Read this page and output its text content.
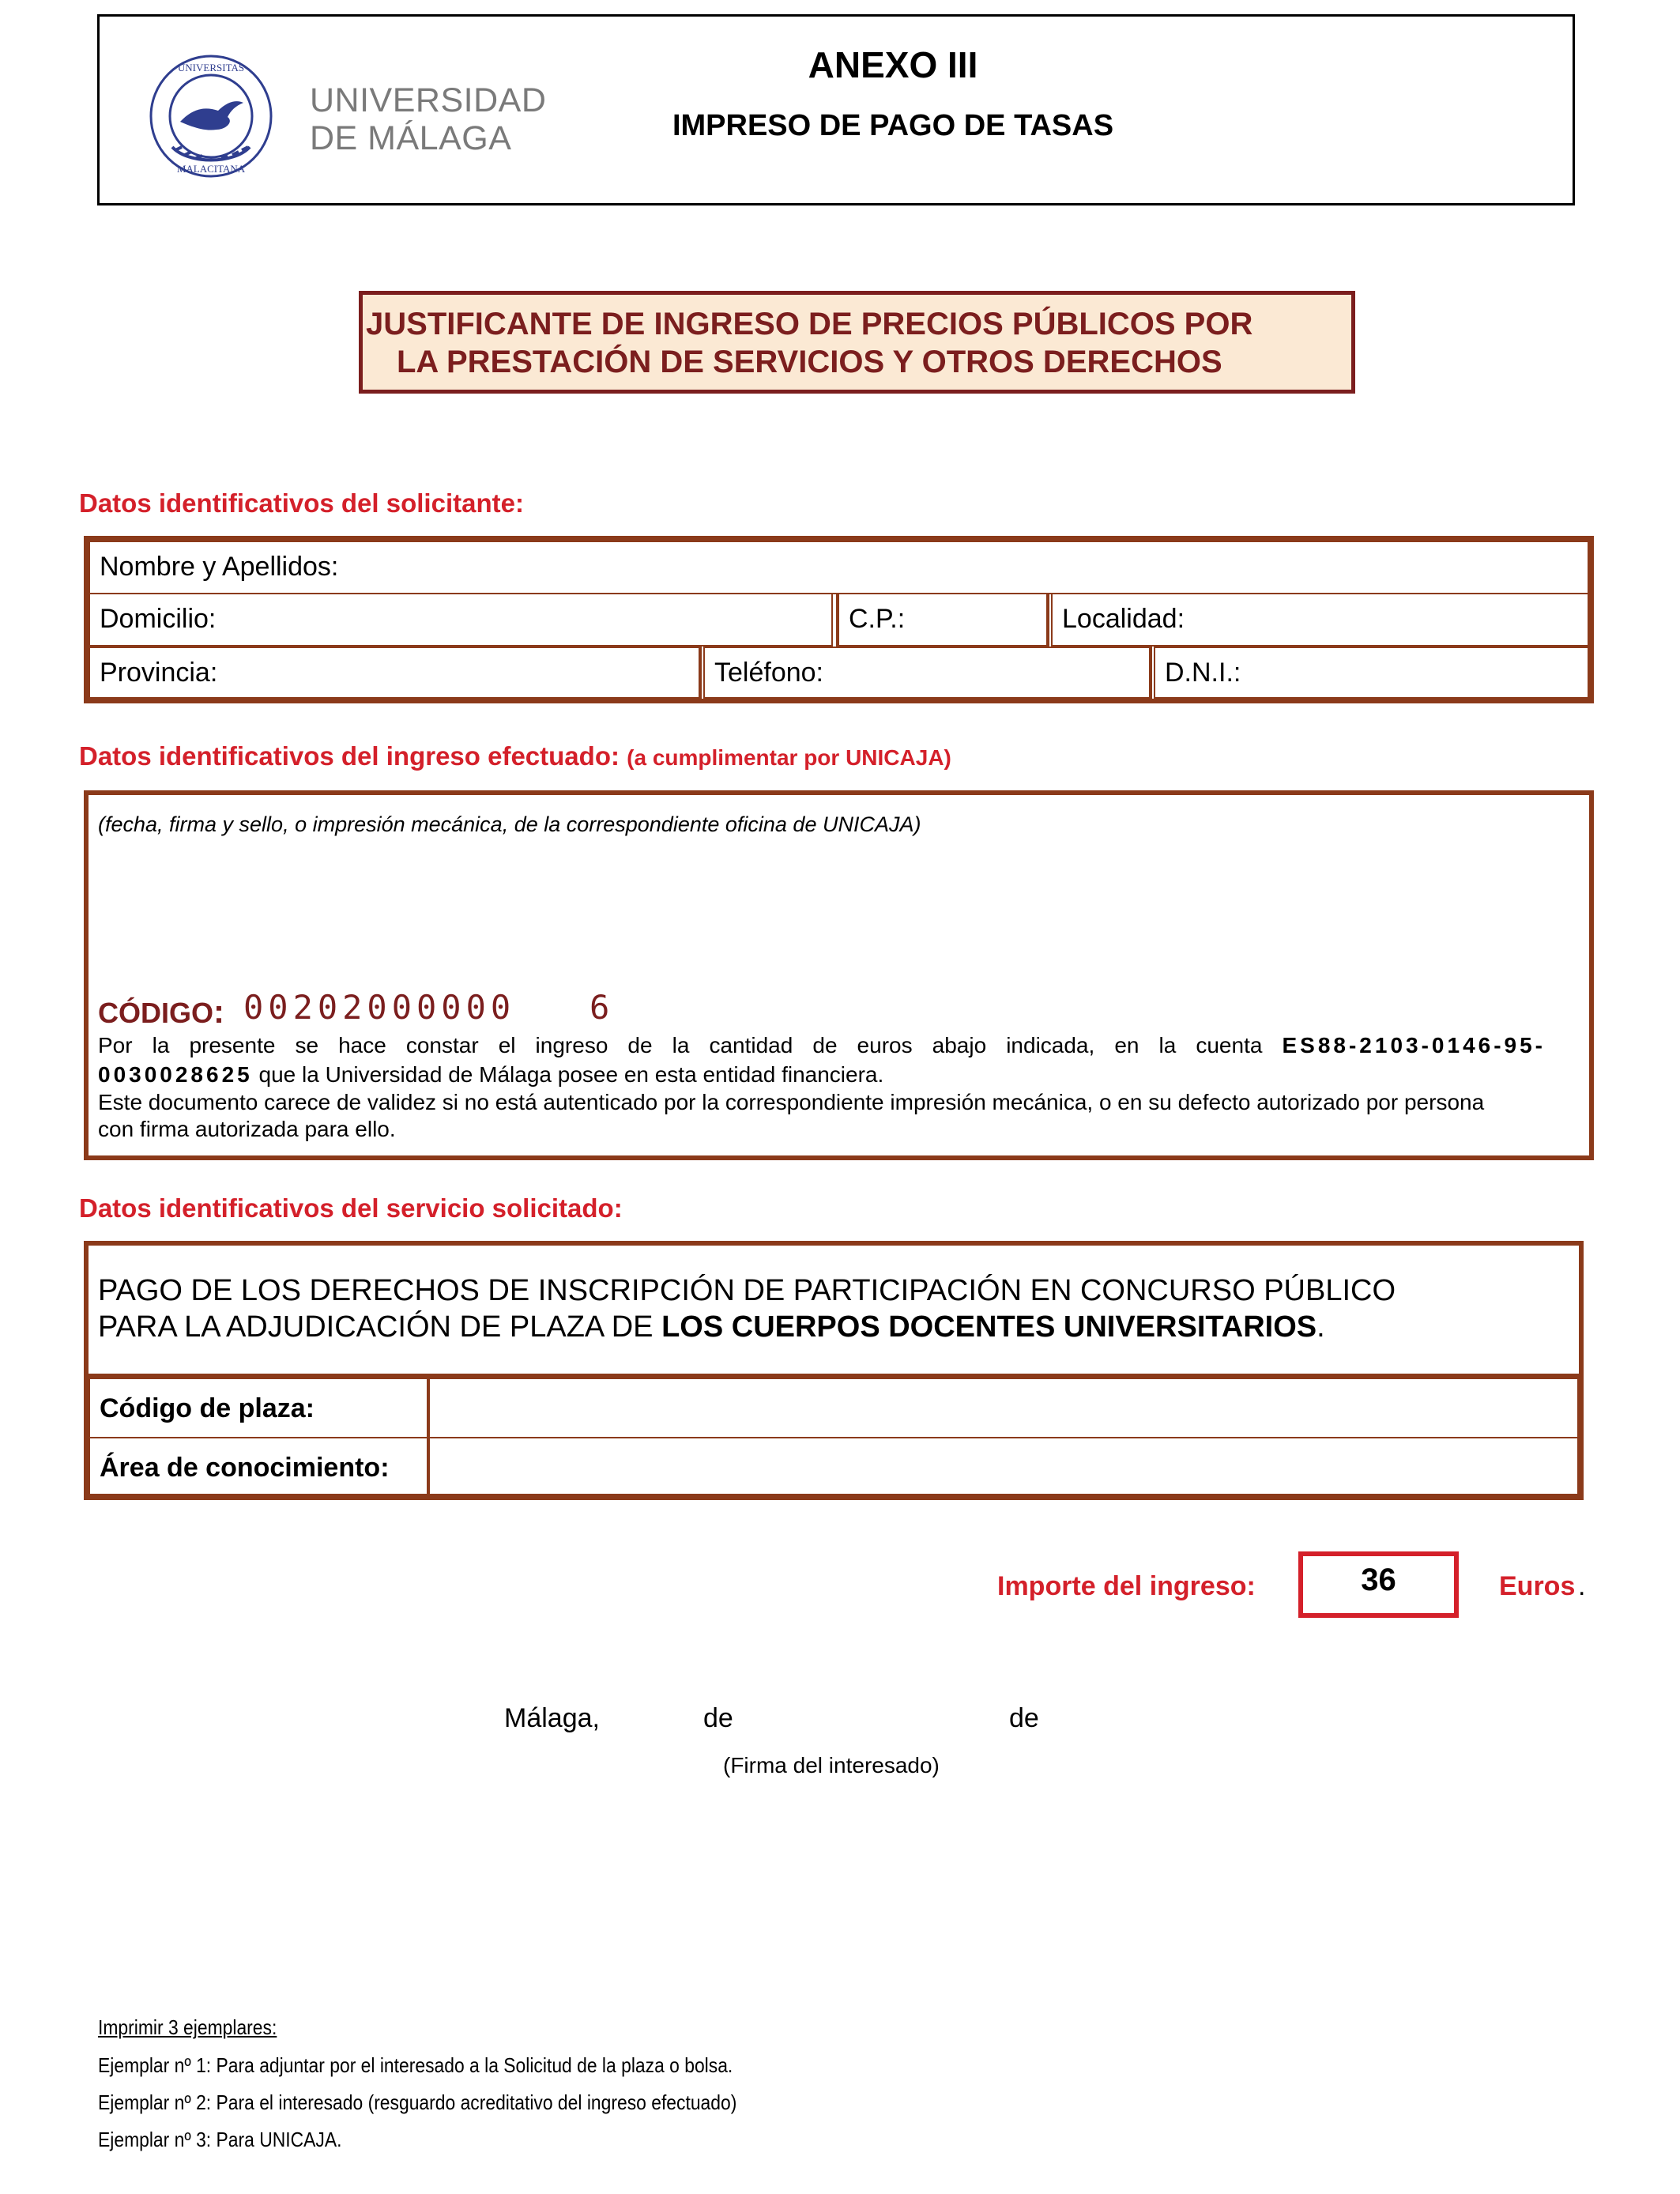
UNIVERSITAS
MALACITANA
UNIVERSIDAD
DE MÁLAGA
ANEXO III
IMPRESO DE PAGO DE TASAS
JUSTIFICANTE DE INGRESO DE PRECIOS PÚBLICOS POR
LA PRESTACIÓN DE SERVICIOS Y OTROS DERECHOS
Datos identificativos del solicitante:
Nombre y Apellidos:
Domicilio:	C.P.:	Localidad:
Provincia:	Teléfono:	D.N.I.:
Datos identificativos del ingreso efectuado: (a cumplimentar por UNICAJA)
(fecha, firma y sello, o impresión mecánica, de la correspondiente oficina de UNICAJA)
CÓDIGO: 00202000000   6
Por la presente se hace constar el ingreso de la cantidad de euros abajo indicada, en la cuenta ES88-2103-0146-95-
0030028625 que la Universidad de Málaga posee en esta entidad financiera.
Este documento carece de validez si no está autenticado por la correspondiente impresión mecánica, o en su defecto autorizado por persona
con firma autorizada para ello.
Datos identificativos del servicio solicitado:
PAGO DE LOS DERECHOS DE INSCRIPCIÓN DE PARTICIPACIÓN EN CONCURSO PÚBLICO
PARA LA ADJUDICACIÓN DE PLAZA DE LOS CUERPOS DOCENTES UNIVERSITARIOS.
Código de plaza:
Área de conocimiento:
Importe del ingreso:	36	Euros .
Málaga,	de	de
(Firma del interesado)
Imprimir 3 ejemplares:
Ejemplar nº 1: Para adjuntar por el interesado a la Solicitud de la plaza o bolsa.
Ejemplar nº 2: Para el interesado (resguardo acreditativo del ingreso efectuado)
Ejemplar nº 3: Para UNICAJA.
